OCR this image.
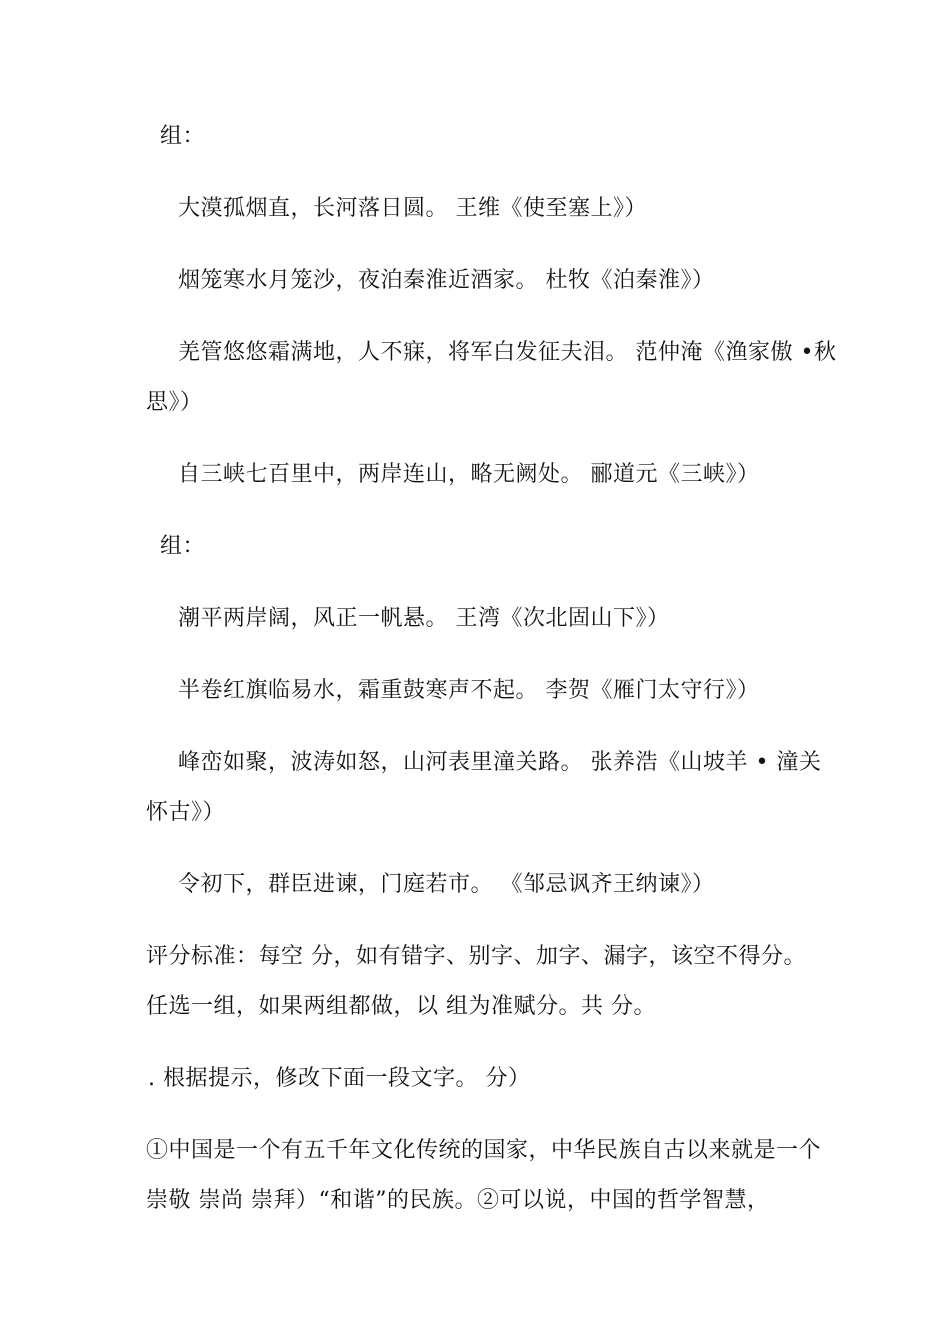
组：
大漠孤烟直，长河落日圆。 王维《使至塞上》）
烟笼寒水月笼沙，夜泊秦淮近酒家。 杜牧《泊秦淮》）
羌管悠悠霜满地，人不寐，将军白发征夫泪。 范仲淹《渔家傲 •秋
思》）
自三峡七百里中，两岸连山，略无阙处。 郦道元《三峡》）
组：
潮平两岸阔，风正一帆悬。 王湾《次北固山下》）
半卷红旗临易水，霜重鼓寒声不起。 李贺《雁门太守行》）
峰峦如聚，波涛如怒，山河表里潼关路。 张养浩《山坡羊 • 潼关
怀古》）
令初下，群臣进谏，门庭若市。 《邹忌讽齐王纳谏》）
评分标准：每空 分，如有错字、别字、加字、漏字，该空不得分。
任选一组，如果两组都做，以 组为准赋分。共 分。
. 根据提示，修改下面一段文字。 分）
①中国是一个有五千年文化传统的国家，中华民族自古以来就是一个
崇敬 崇尚 崇拜）“和谐”的民族。②可以说，中国的哲学智慧，
